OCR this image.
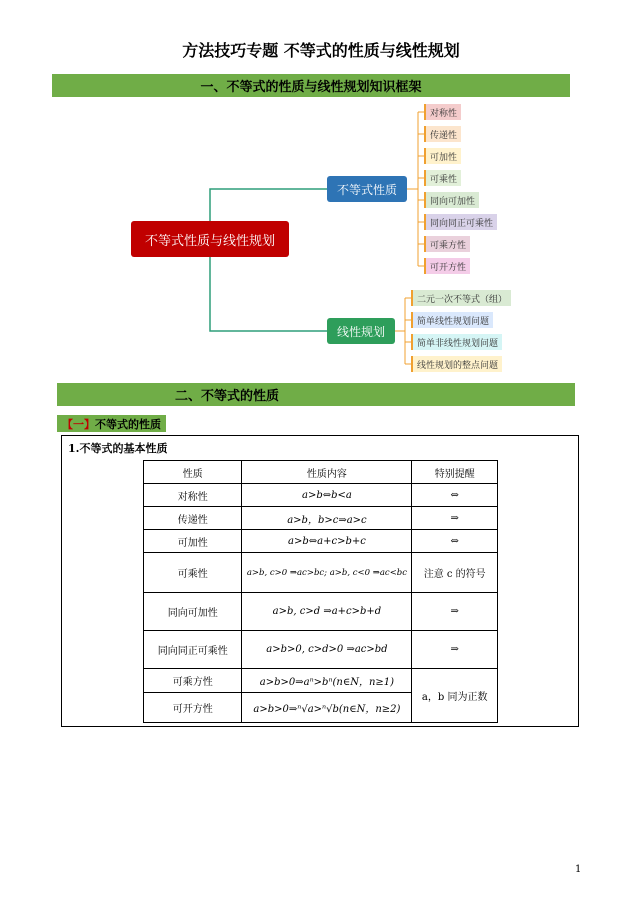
方法技巧专题 不等式的性质与线性规划
一、不等式的性质与线性规划知识框架
不等式性质与线性规划
不等式性质
线性规划
对称性
传递性
可加性
可乘性
同向可加性
同向同正可乘性
可乘方性
可开方性
二元一次不等式（组）
简单线性规划问题
简单非线性规划问题
线性规划的整点问题
二、不等式的性质
【一】 不等式的性质
1.不等式的基本性质
性质	性质内容	特别提醒
对称性	a>b⇔b<a	⇔
传递性	a>b，b>c⇒a>c	⇒
可加性	a>b⇔a+c>b+c	⇔
可乘性	a>b, c>0 ⇒ac>bc; a>b, c<0 ⇒ac<bc	注意 c 的符号
同向可加性	a>b, c>d ⇒a+c>b+d	⇒
同向同正可乘性	a>b>0, c>d>0 ⇒ac>bd	⇒
可乘方性	a>b>0⇒aⁿ>bⁿ(n∈N，n≥1)	a，b 同为正数
可开方性	a>b>0⇒ⁿ√a>ⁿ√b(n∈N，n≥2)	
1
